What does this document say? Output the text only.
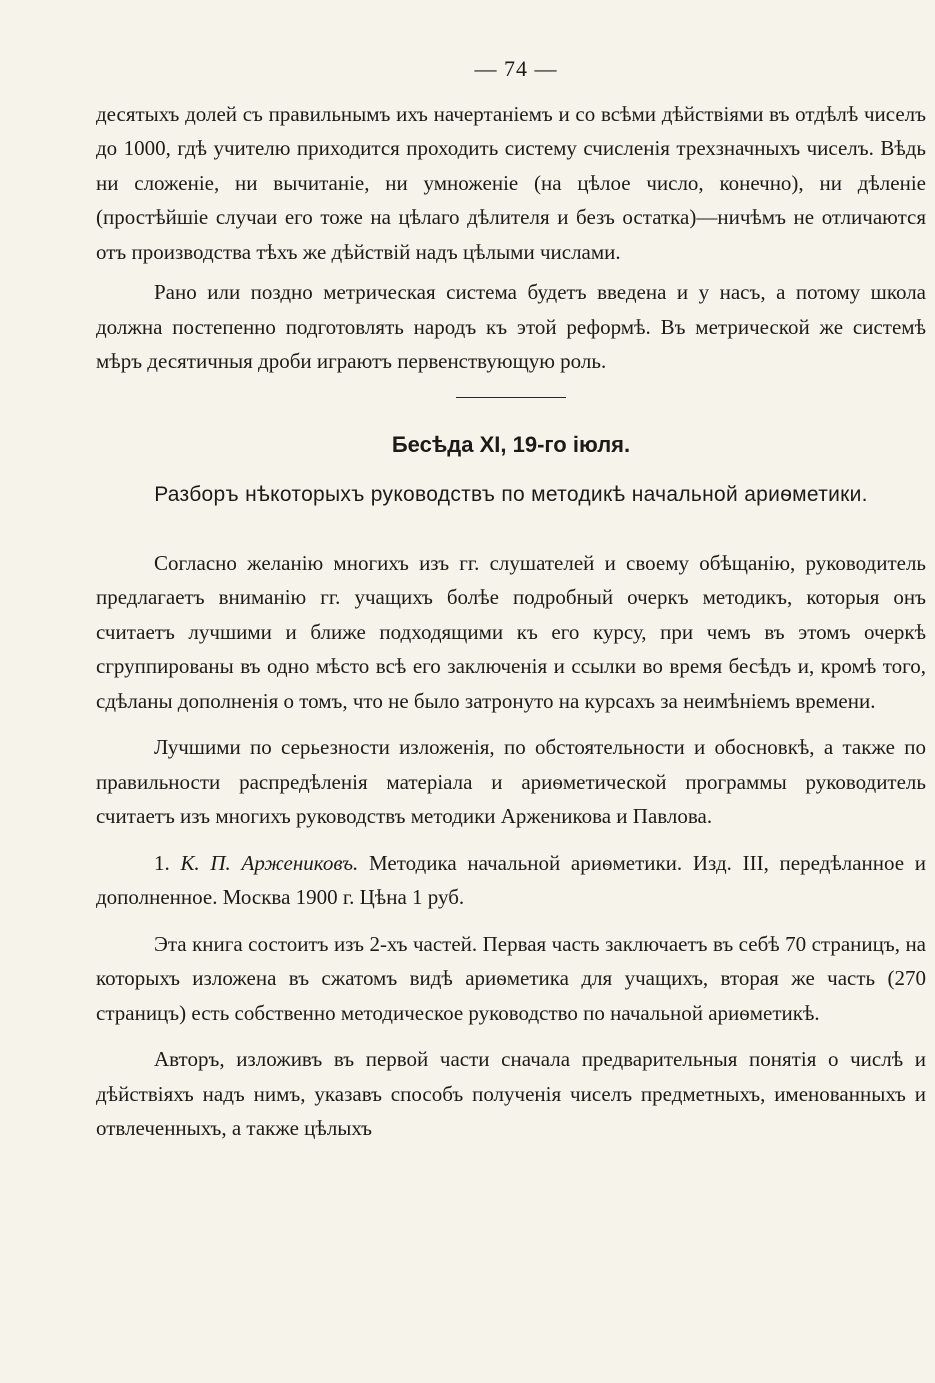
— 74 —

десятыхъ долей съ правильнымъ ихъ начертаніемъ и со всѣми дѣйствіями въ отдѣлѣ чиселъ до 1000, гдѣ учителю приходится проходить систему счисленія трехзначныхъ чиселъ. Вѣдь ни сложеніе, ни вычитаніе, ни умноженіе (на цѣлое число, конечно), ни дѣленіе (простѣйшіе случаи его тоже на цѣлаго дѣлителя и безъ остатка)—ничѣмъ не отличаются отъ производства тѣхъ же дѣйствій надъ цѣлыми числами.

Рано или поздно метрическая система будетъ введена и у насъ, а потому школа должна постепенно подготовлять народъ къ этой реформѣ. Въ метрической же системѣ мѣръ десятичныя дроби играютъ первенствующую роль.

Бесѣда XI, 19-го іюля.
Разборъ нѣкоторыхъ руководствъ по методикѣ начальной ариѳметики.

Согласно желанію многихъ изъ гг. слушателей и своему обѣщанію, руководитель предлагаетъ вниманію гг. учащихъ болѣе подробный очеркъ методикъ, которыя онъ считаетъ лучшими и ближе подходящими къ его курсу, при чемъ въ этомъ очеркѣ сгруппированы въ одно мѣсто всѣ его заключенія и ссылки во время бесѣдъ и, кромѣ того, сдѣланы дополненія о томъ, что не было затронуто на курсахъ за неимѣніемъ времени.

Лучшими по серьезности изложенія, по обстоятельности и обосновкѣ, а также по правильности распредѣленія матеріала и ариѳметической программы руководитель считаетъ изъ многихъ руководствъ методики Арженикова и Павлова.

1. К. П. Аржениковъ. Методика начальной ариѳметики. Изд. III, передѣланное и дополненное. Москва 1900 г. Цѣна 1 руб.

Эта книга состоитъ изъ 2-хъ частей. Первая часть заключаетъ въ себѣ 70 страницъ, на которыхъ изложена въ сжатомъ видѣ ариѳметика для учащихъ, вторая же часть (270 страницъ) есть собственно методическое руководство по начальной ариѳметикѣ.

Авторъ, изложивъ въ первой части сначала предварительныя понятія о числѣ и дѣйствіяхъ надъ нимъ, указавъ способъ полученія чиселъ предметныхъ, именованныхъ и отвлеченныхъ, а также цѣлыхъ
